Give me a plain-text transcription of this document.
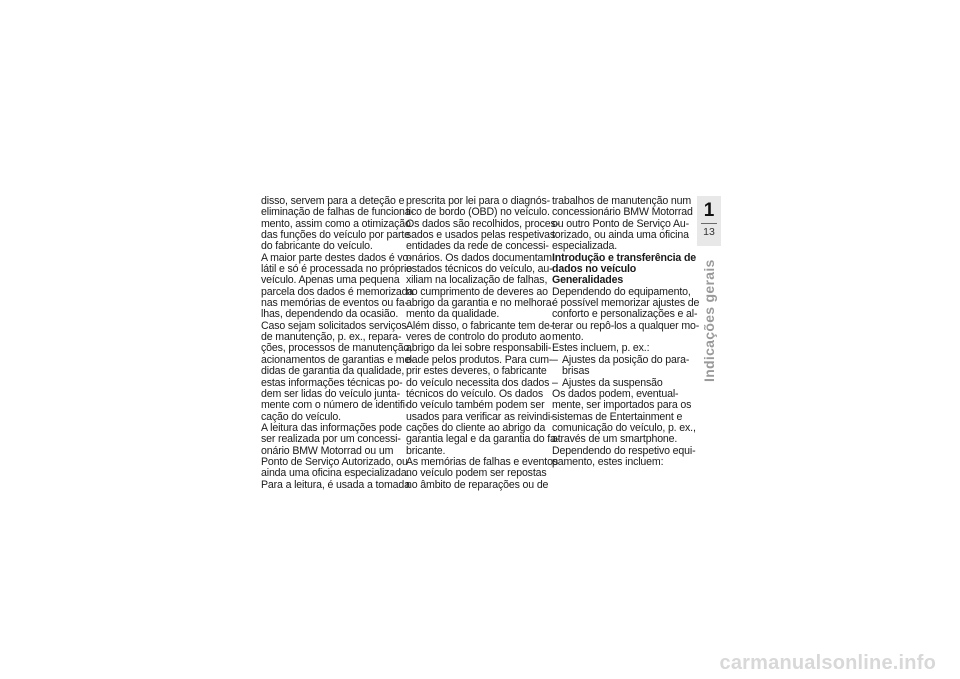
disso, servem para a deteção e
eliminação de falhas de funciona-
mento, assim como a otimização
das funções do veículo por parte
do fabricante do veículo.
A maior parte destes dados é vo-
látil e só é processada no próprio
veículo. Apenas uma pequena
parcela dos dados é memorizada
nas memórias de eventos ou fa-
lhas, dependendo da ocasião.
Caso sejam solicitados serviços
de manutenção, p. ex., repara-
ções, processos de manutenção,
acionamentos de garantias e me-
didas de garantia da qualidade,
estas informações técnicas po-
dem ser lidas do veículo junta-
mente com o número de identifi-
cação do veículo.
A leitura das informações pode
ser realizada por um concessi-
onário BMW Motorrad ou um
Ponto de Serviço Autorizado, ou
ainda uma oficina especializada.
Para a leitura, é usada a tomada

prescrita por lei para o diagnós-
tico de bordo (OBD) no veículo.
Os dados são recolhidos, proces-
sados e usados pelas respetivas
entidades da rede de concessi-
onários. Os dados documentam
estados técnicos do veículo, au-
xiliam na localização de falhas,
no cumprimento de deveres ao
abrigo da garantia e no melhora-
mento da qualidade.
Além disso, o fabricante tem de-
veres de controlo do produto ao
abrigo da lei sobre responsabili-
dade pelos produtos. Para cum-
prir estes deveres, o fabricante
do veículo necessita dos dados
técnicos do veículo. Os dados
do veículo também podem ser
usados para verificar as reivindi-
cações do cliente ao abrigo da
garantia legal e da garantia do fa-
bricante.
As memórias de falhas e eventos
no veículo podem ser repostas
no âmbito de reparações ou de

trabalhos de manutenção num
concessionário BMW Motorrad
ou outro Ponto de Serviço Au-
torizado, ou ainda uma oficina
especializada.

Introdução e transferência de
dados no veículo

Generalidades

Dependendo do equipamento,
é possível memorizar ajustes de
conforto e personalizações e al-
terar ou repô-los a qualquer mo-
mento.
Estes incluem, p. ex.:

– Ajustes da posição do para-
brisas

– Ajustes da suspensão

Os dados podem, eventual-
mente, ser importados para os
sistemas de Entertainment e
comunicação do veículo, p. ex.,
através de um smartphone.
Dependendo do respetivo equi-
pamento, estes incluem:

1
13
Indicações gerais
carmanualsonline.info
